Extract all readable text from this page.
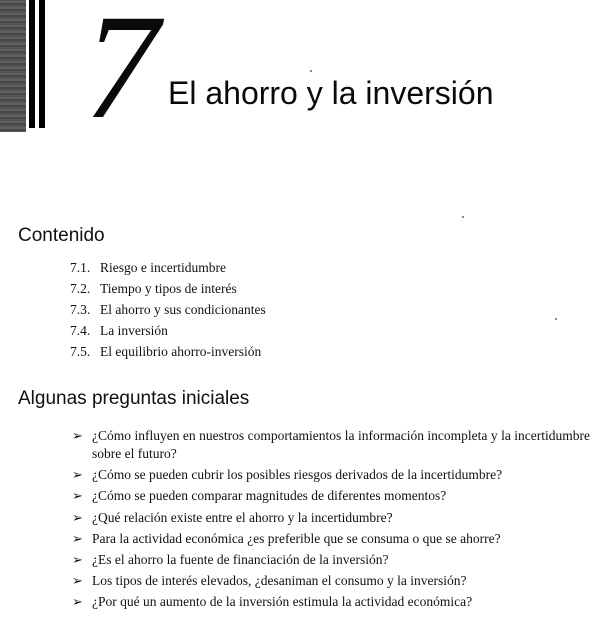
7 El ahorro y la inversión
Contenido
7.1. Riesgo e incertidumbre
7.2. Tiempo y tipos de interés
7.3. El ahorro y sus condicionantes
7.4. La inversión
7.5. El equilibrio ahorro-inversión
Algunas preguntas iniciales
➢ ¿Cómo influyen en nuestros comportamientos la información incompleta y la incertidumbre sobre el futuro?
➢ ¿Cómo se pueden cubrir los posibles riesgos derivados de la incertidumbre?
➢ ¿Cómo se pueden comparar magnitudes de diferentes momentos?
➢ ¿Qué relación existe entre el ahorro y la incertidumbre?
➢ Para la actividad económica ¿es preferible que se consuma o que se ahorre?
➢ ¿Es el ahorro la fuente de financiación de la inversión?
➢ Los tipos de interés elevados, ¿desaniman el consumo y la inversión?
➢ ¿Por qué un aumento de la inversión estimula la actividad económica?
